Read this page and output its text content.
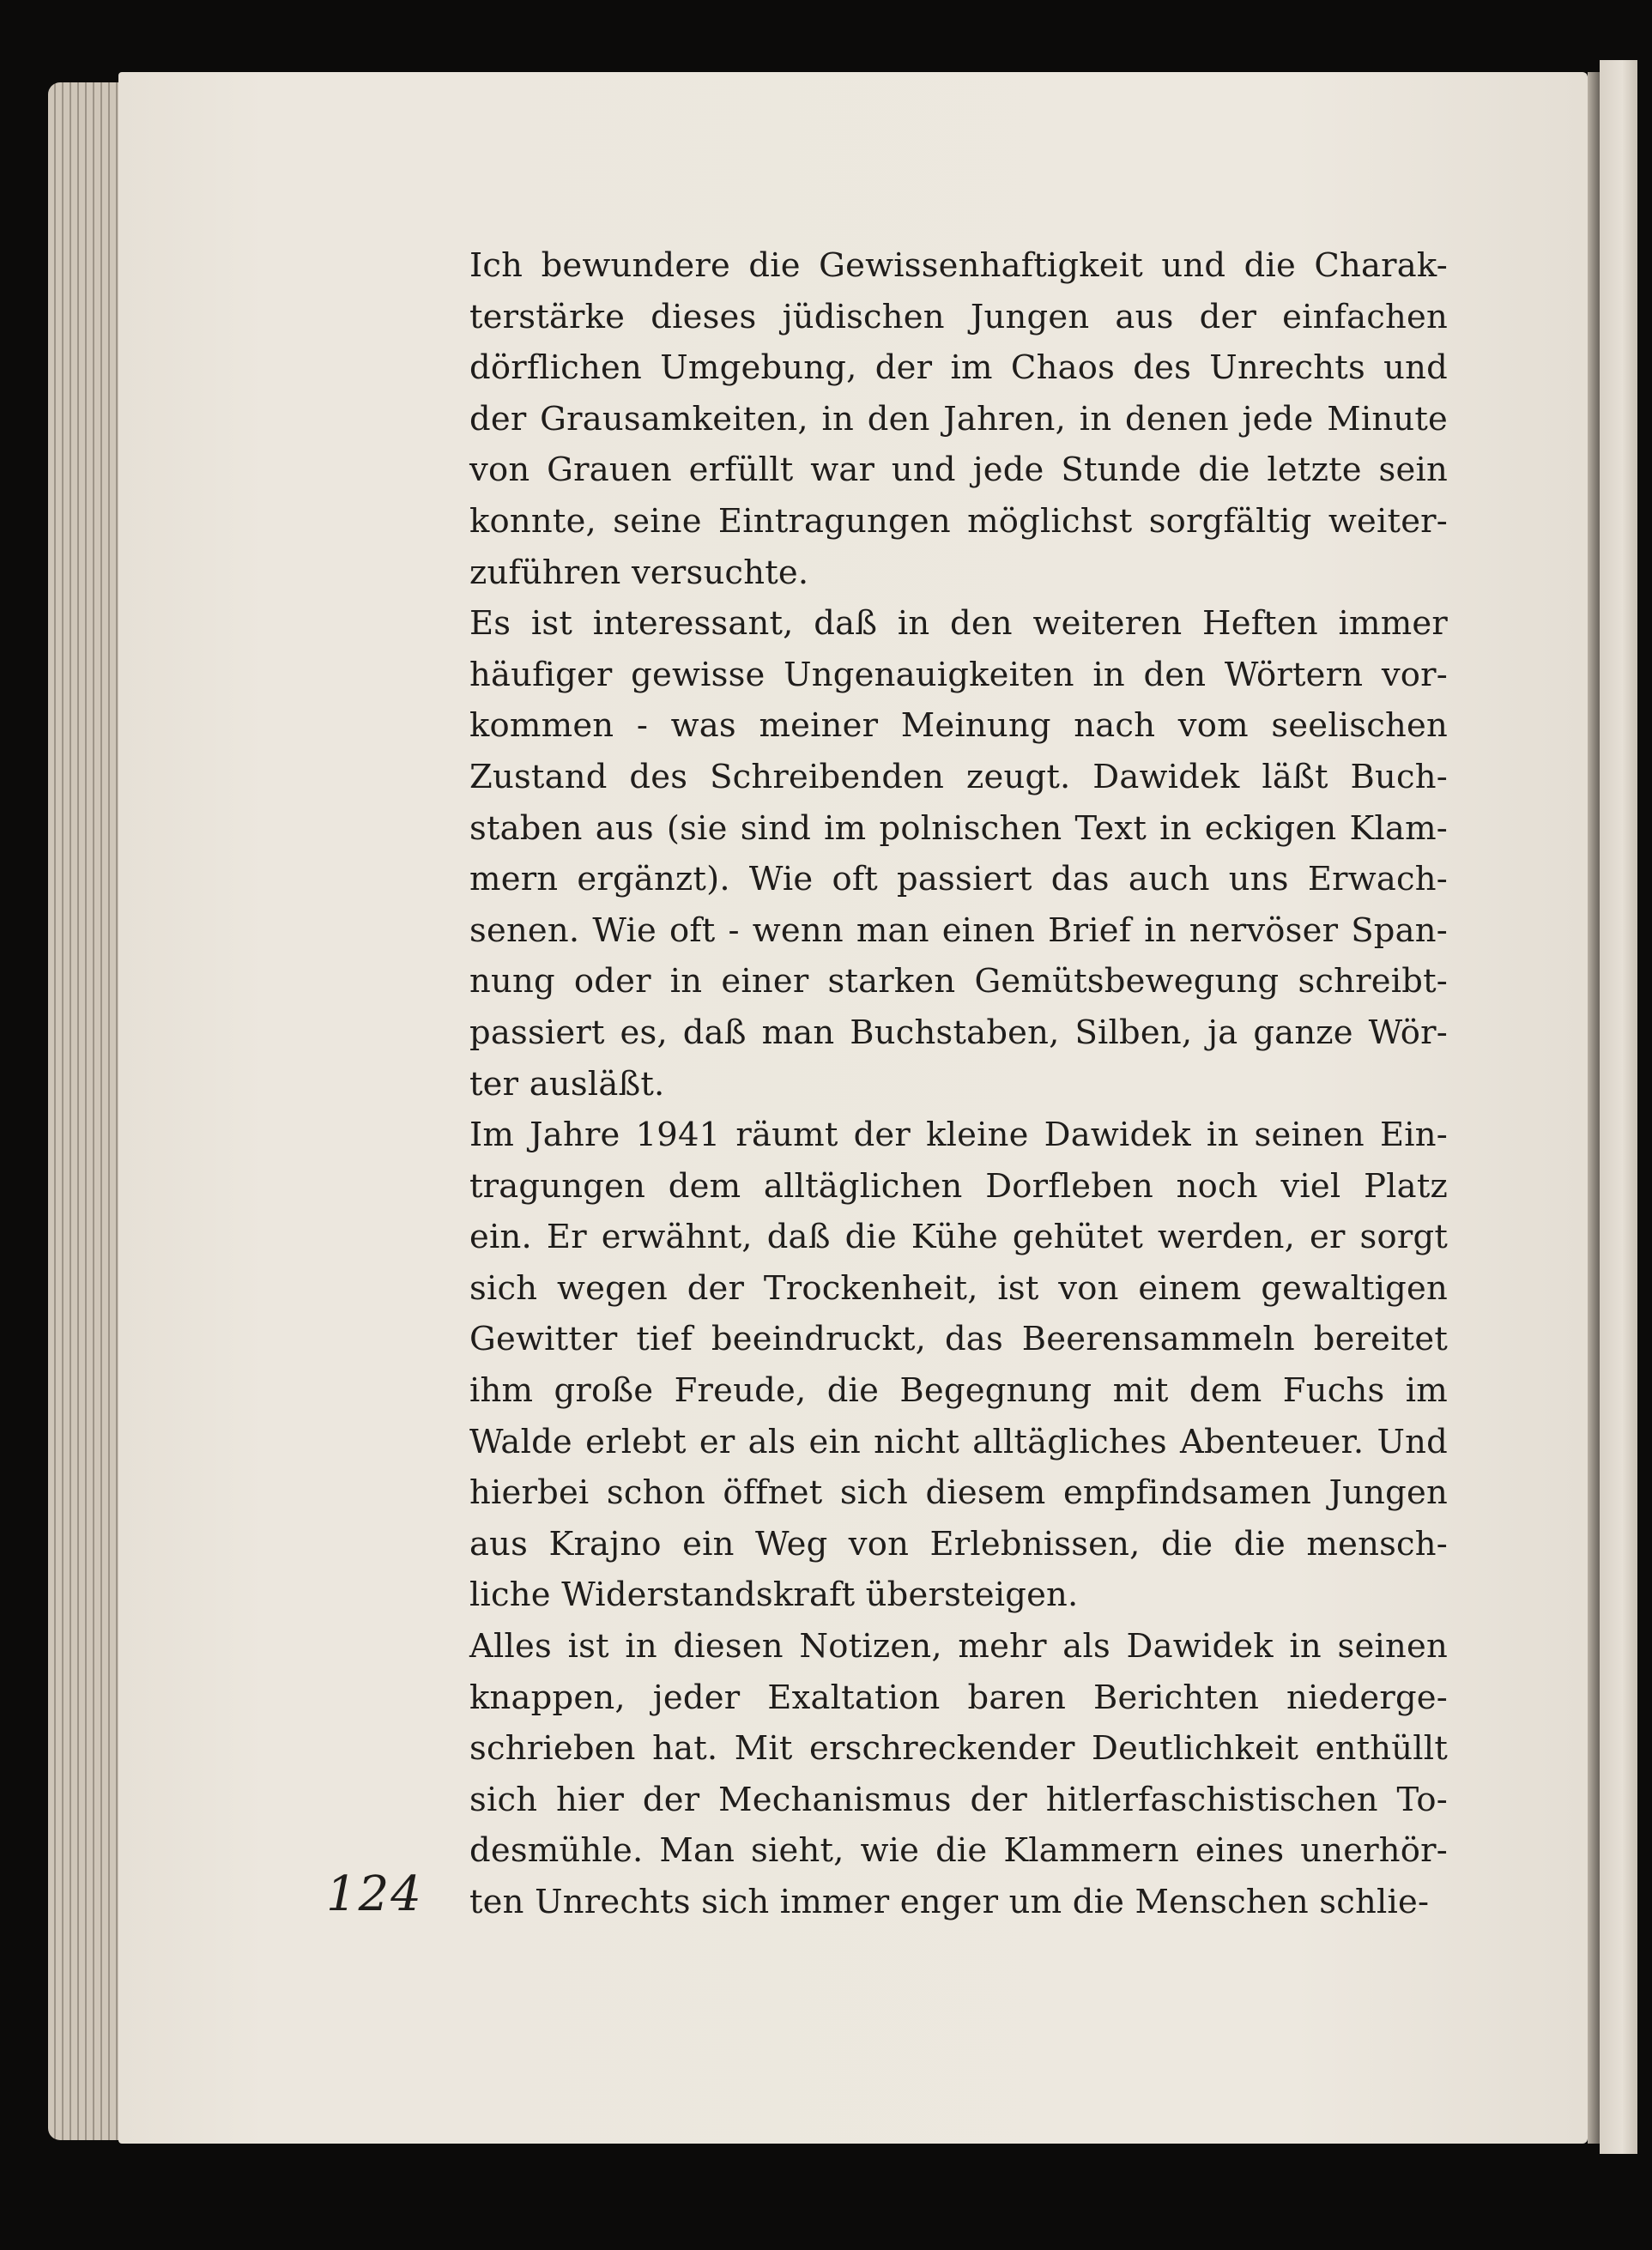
Ich bewundere die Gewissenhaftigkeit und die Charak-
terstärke dieses jüdischen Jungen aus der einfachen
dörflichen Umgebung, der im Chaos des Unrechts und
der Grausamkeiten, in den Jahren, in denen jede Minute
von Grauen erfüllt war und jede Stunde die letzte sein
konnte, seine Eintragungen möglichst sorgfältig weiter-
zuführen versuchte.
Es ist interessant, daß in den weiteren Heften immer
häufiger gewisse Ungenauigkeiten in den Wörtern vor-
kommen - was meiner Meinung nach vom seelischen
Zustand des Schreibenden zeugt. Dawidek läßt Buch-
staben aus (sie sind im polnischen Text in eckigen Klam-
mern ergänzt). Wie oft passiert das auch uns Erwach-
senen. Wie oft - wenn man einen Brief in nervöser Span-
nung oder in einer starken Gemütsbewegung schreibt-
passiert es, daß man Buchstaben, Silben, ja ganze Wör-
ter ausläßt.
Im Jahre 1941 räumt der kleine Dawidek in seinen Ein-
tragungen dem alltäglichen Dorfleben noch viel Platz
ein. Er erwähnt, daß die Kühe gehütet werden, er sorgt
sich wegen der Trockenheit, ist von einem gewaltigen
Gewitter tief beeindruckt, das Beerensammeln bereitet
ihm große Freude, die Begegnung mit dem Fuchs im
Walde erlebt er als ein nicht alltägliches Abenteuer. Und
hierbei schon öffnet sich diesem empfindsamen Jungen
aus Krajno ein Weg von Erlebnissen, die die mensch-
liche Widerstandskraft übersteigen.
Alles ist in diesen Notizen, mehr als Dawidek in seinen
knappen, jeder Exaltation baren Berichten niederge-
schrieben hat. Mit erschreckender Deutlichkeit enthüllt
sich hier der Mechanismus der hitlerfaschistischen To-
desmühle. Man sieht, wie die Klammern eines unerhör-
ten Unrechts sich immer enger um die Menschen schlie-
124
